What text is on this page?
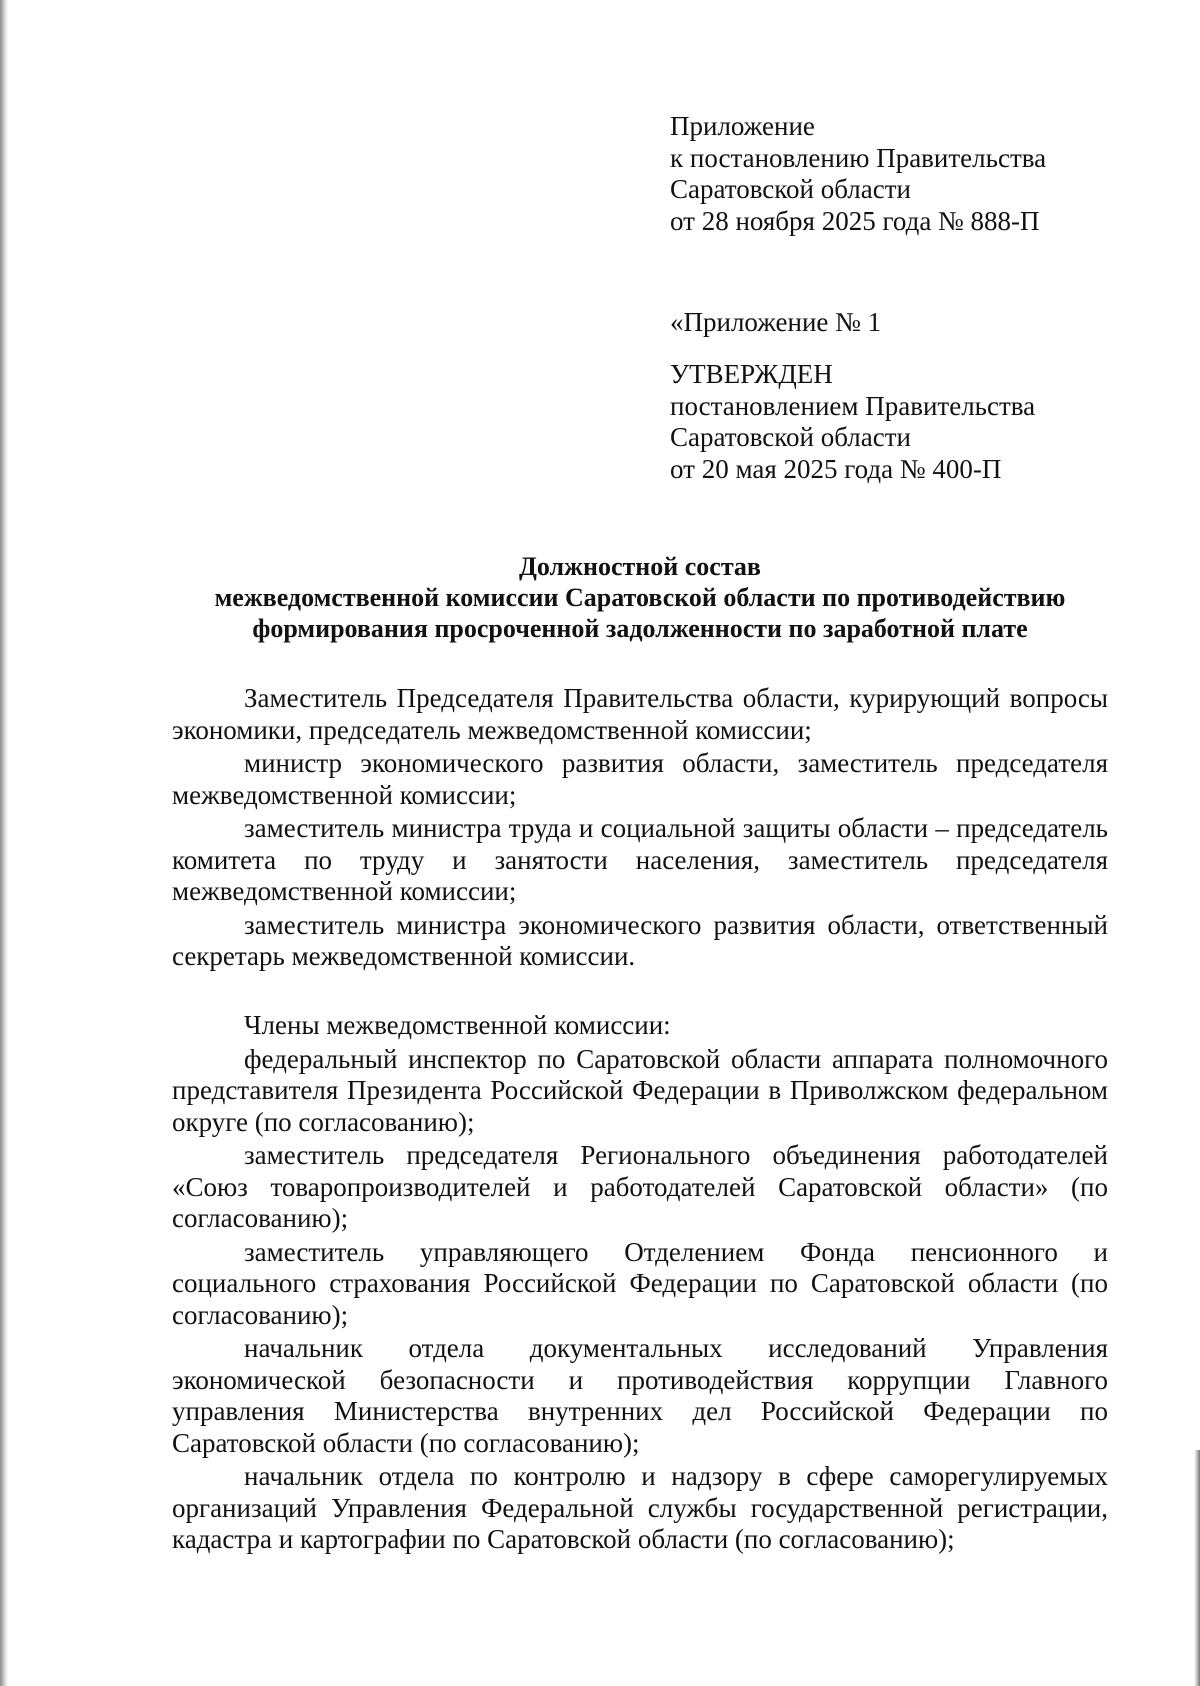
Приложение
к постановлению Правительства
Саратовской области
от 28 ноября 2025 года № 888-П
«Приложение № 1
УТВЕРЖДЕН
постановлением Правительства
Саратовской области
от 20 мая 2025 года № 400-П
Должностной состав
межведомственной комиссии Саратовской области по противодействию
формирования просроченной задолженности по заработной плате

Заместитель Председателя Правительства области, курирующий вопросы экономики, председатель межведомственной комиссии;

министр экономического развития области, заместитель председателя межведомственной комиссии;

заместитель министра труда и социальной защиты области – председатель комитета по труду и занятости населения, заместитель председателя межведомственной комиссии;

заместитель министра экономического развития области, ответственный секретарь межведомственной комиссии.

Члены межведомственной комиссии:

федеральный инспектор по Саратовской области аппарата полномочного представителя Президента Российской Федерации в Приволжском федеральном округе (по согласованию);

заместитель председателя Регионального объединения работодателей «Союз товаропроизводителей и работодателей Саратовской области» (по согласованию);

заместитель управляющего Отделением Фонда пенсионного и социального страхования Российской Федерации по Саратовской области (по согласованию);

начальник отдела документальных исследований Управления экономической безопасности и противодействия коррупции Главного управления Министерства внутренних дел Российской Федерации по Саратовской области (по согласованию);

начальник отдела по контролю и надзору в сфере саморегулируемых организаций Управления Федеральной службы государственной регистрации, кадастра и картографии по Саратовской области (по согласованию);
